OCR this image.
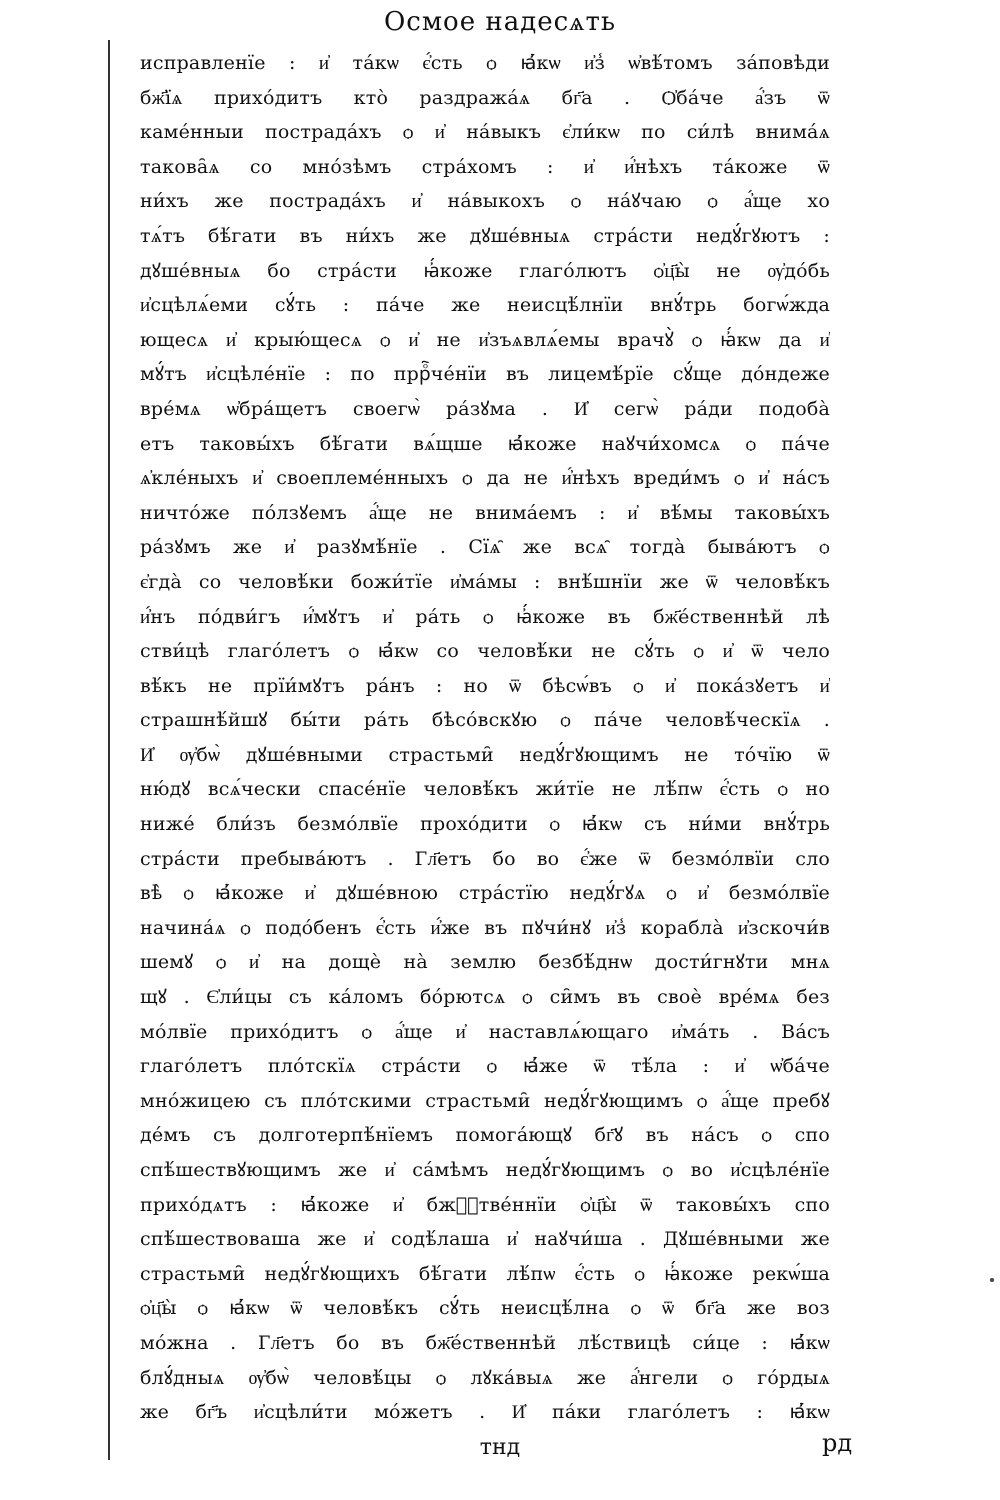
Осмое надесѧть
исправленїе : и҆ та́кѡ є҆́сть ѻ ꙗ҆́кѡ и҆з̾ ѡ҆вѣ́томъ за́повѣди
бж҃їѧ прихо́дитъ кто̀ раздража́ѧ бг҃а . Ѻ҆ба́че а҆́зъ ѿ
каме́нныи пострада́хъ ѻ и҆ на́выкъ є҆ли́кѡ по си́лѣ внима́ѧ
такова̑ѧ со мно́зѣмъ стра́хомъ : и҆ и҆́нѣхъ та́коже ѿ
ни́хъ же пострада́хъ и҆ на́выкохъ ѻ на́ꙋчаю ѻ а҆́ще хо
тѧ́тъ бѣ́гати въ ни́хъ же дꙋше́вныѧ стра́сти недꙋ́гꙋютъ :
дꙋше́вныѧ бо стра́сти ꙗ҆́коже глаго́лютъ ѻ҆ц҃ы̀ не ѹ҆до́бь
и҆сцѣлѧ́еми сꙋ́ть : па́че же неисцѣ́лнїи внꙋ́трь богѡ́жда
ющесѧ и҆ крыю́щесѧ ѻ и҆ не и҆зъѧвлѧ́емы врачꙋ̀ ѻ ꙗ҆́кѡ да и҆
мꙋ́тъ и҆сцѣле́нїе : по пррⷪ҇че́нїи въ лицемѣ́рїе сꙋ́ще до́ндеже
вре́мѧ ѡ҆бра́щетъ своегѡ̀ ра́зꙋма . И҆ сегѡ̀ ра́ди подоба̀
етъ таковы́хъ бѣ́гати вѧ́щше ꙗ҆́коже наꙋчи́хомсѧ ѻ па́че
ѧ҆кле́ныхъ и҆ своеплеме́нныхъ ѻ да не и҆́нѣхъ вреди́мъ ѻ и҆ на́съ
ничто́же по́лзꙋемъ а҆́ще не внима́емъ : и҆ вѣ́мы таковы́хъ
ра́зꙋмъ же и҆ разꙋмѣ́нїе . Сїѧ̑ же всѧ̑ тогда̀ быва́ютъ ѻ
є҆гда̀ со человѣ́ки божи́тїе и҆ма́мы : внѣ́шнїи же ѿ человѣ́къ
и҆́нъ по́дви́гъ и҆́мꙋтъ и҆ ра́ть ѻ ꙗ҆́коже въ бж҃е́ственнѣй лѣ
стви́цѣ глаго́летъ ѻ ꙗ҆́кѡ со человѣ́ки не сꙋ́ть ѻ и҆ ѿ чело
вѣ́къ не прїи́мꙋтъ ра́нъ : но ѿ бѣсѡ́въ ѻ и҆ пока́зꙋетъ и҆
страшнѣ́йшꙋ бы́ти ра́ть бѣсо́вскꙋю ѻ па́че человѣ́ческїѧ .
И҆ ѹ҆бѡ̀ дꙋше́вными страстьми̑ недꙋ́гꙋющимъ не то́чїю ѿ
ню́дꙋ всѧ́чески спасе́нїе человѣ́къ жи́тїе не лѣ́пѡ є҆́сть ѻ но
ниже́ бли́зъ безмо́лвїе прохо́дити ѻ ꙗ҆́кѡ съ ни́ми внꙋ́трь
стра́сти пребыва́ютъ . Гл҃етъ бо во є҆́же ѿ безмо́лвїи сло
вѣ̀ ѻ ꙗ҆́коже и҆ дꙋше́вною стра́стїю недꙋ́гꙋѧ ѻ и҆ безмо́лвїе
начина́ѧ ѻ подо́бенъ є҆́сть и҆́же въ пꙋчи́нꙋ и҆з̾ корабла̀ и҆зскочи́в
шемꙋ ѻ и҆ на дощѐ на̀ землю безбѣ́днѡ дости́гнꙋти мнѧ
щꙋ . Є҆ли́цы съ ка́ломъ бо́рютсѧ ѻ си̑мъ въ своѐ вре́мѧ без
мо́лвїе прихо́дитъ ѻ а҆́ще и҆ наставлѧ́ющаго и҆ма́ть . Ва́съ
глаго́летъ пло́тскїѧ стра́сти ѻ ꙗ҆́же ѿ тѣ́ла : и҆ ѡ҆ба́че
мно́жицею съ пло́тскими страстьми̑ недꙋ́гꙋющимъ ѻ а҆́ще пребꙋ
де́мъ съ долготерпѣ́нїемъ помога́ющꙋ бг҃ꙋ въ на́съ ѻ спо
спѣ́шествꙋющимъ же и҆ са́мѣмъ недꙋ́гꙋющимъ ѻ во и҆сцѣле́нїе
прихо́дѧтъ : ꙗ҆́коже и҆ бжⷭ҇тве́ннїи ѻ҆ц҃ы̀ ѿ таковы́хъ спо
спѣ́шествоваша же и҆ содѣ́лаша и҆ наꙋчи́ша . Дꙋше́вными же
страстьми̑ недꙋ́гꙋющихъ бѣ́гати лѣ́пѡ є҆́сть ѻ ꙗ҆́коже рекѡ́ша
ѻ҆ц҃ы̀ ѻ ꙗ҆́кѡ ѿ человѣ́къ сꙋ́ть неисцѣ́лна ѻ ѿ бг҃а же воз
мо́жна . Гл҃етъ бо въ бж҃е́ственнѣй лѣ́ствицѣ си́це : ꙗ҆́кѡ
блꙋ́дныѧ ѹ҆бѡ̀ человѣ́цы ѻ лꙋка́выѧ же а҆́нгели ѻ го́рдыѧ
же бг҃ъ и҆сцѣли́ти мо́жетъ . И҆ па́ки глаго́летъ : ꙗ҆́кѡ
тнд	рд
